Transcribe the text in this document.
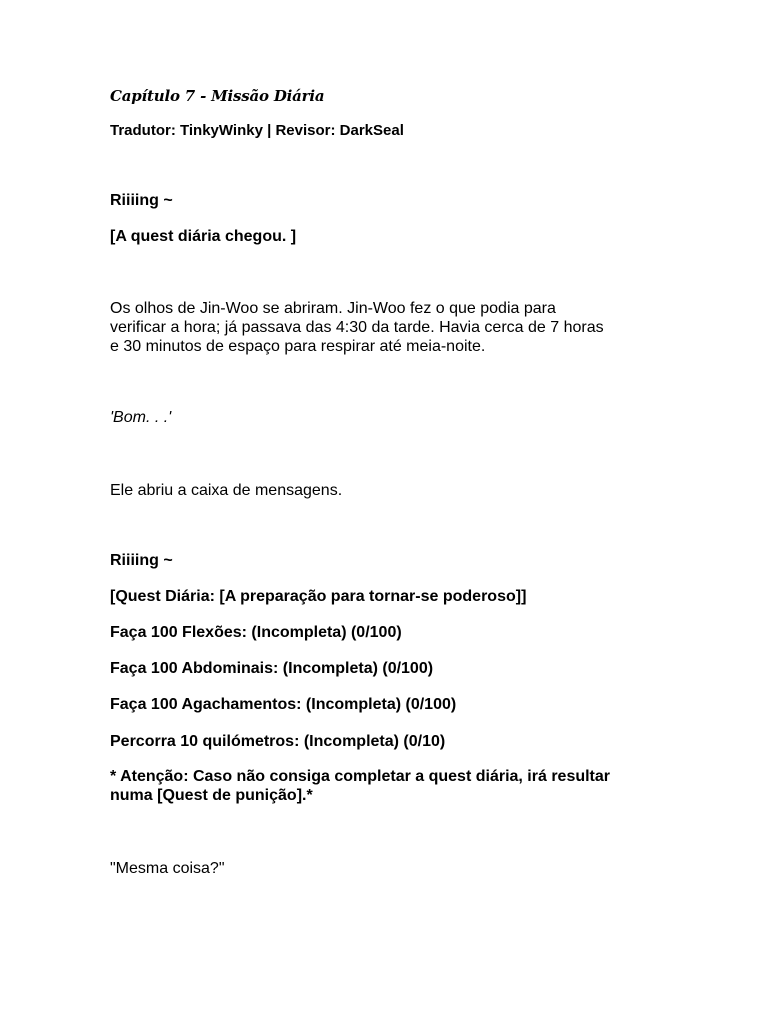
Capítulo 7 - Missão Diária
Tradutor: TinkyWinky | Revisor: DarkSeal
Riiiing ~
[A quest diária chegou. ]
Os olhos de Jin-Woo se abriram. Jin-Woo fez o que podia para
verificar a hora; já passava das 4:30 da tarde. Havia cerca de 7 horas
e 30 minutos de espaço para respirar até meia-noite.
'Bom. . .'
Ele abriu a caixa de mensagens.
Riiiing ~
[Quest Diária: [A preparação para tornar-se poderoso]]
Faça 100 Flexões: (Incompleta) (0/100)
Faça 100 Abdominais: (Incompleta) (0/100)
Faça 100 Agachamentos: (Incompleta) (0/100)
Percorra 10 quilómetros: (Incompleta) (0/10)
* Atenção: Caso não consiga completar a quest diária, irá resultar
numa [Quest de punição].*
"Mesma coisa?"
